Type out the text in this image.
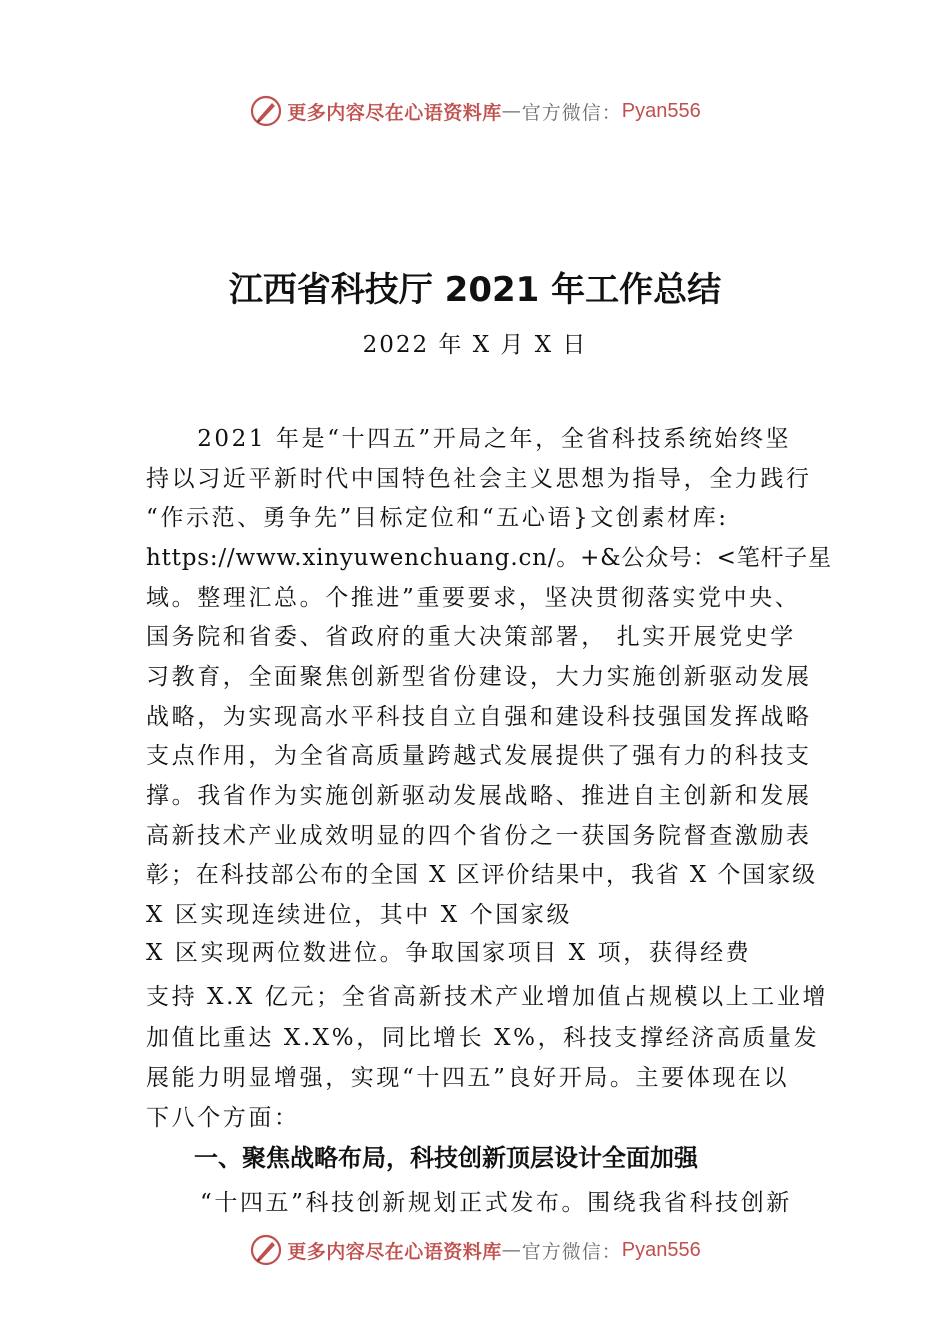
更多内容尽在心语资料库 — 官方微信： Pyan556
江西省科技厅 2021 年工作总结
2022 年 X 月 X 日
　　2021 年是“十四五”开局之年，全省科技系统始终坚
持以习近平新时代中国特色社会主义思想为指导，全力践行
“作示范、勇争先”目标定位和“五心语}文创素材库:
https://www.xinyuwenchuang.cn/。+&公众号：<笔杆子星
域。整理汇总。个推进”重要要求，坚决贯彻落实党中央、
国务院和省委、省政府的重大决策部署， 扎实开展党史学
习教育，全面聚焦创新型省份建设，大力实施创新驱动发展
战略，为实现高水平科技自立自强和建设科技强国发挥战略
支点作用，为全省高质量跨越式发展提供了强有力的科技支
撑。我省作为实施创新驱动发展战略、推进自主创新和发展
高新技术产业成效明显的四个省份之一获国务院督查激励表
彰；在科技部公布的全国 X 区评价结果中，我省 X 个国家级
X 区实现连续进位，其中 X 个国家级
X 区实现两位数进位。争取国家项目 X 项，获得经费
支持 X.X 亿元；全省高新技术产业增加值占规模以上工业增
加值比重达 X.X%，同比增长 X%，科技支撑经济高质量发
展能力明显增强，实现“十四五”良好开局。主要体现在以
下八个方面：
一、聚焦战略布局，科技创新顶层设计全面加强
“十四五”科技创新规划正式发布。围绕我省科技创新
更多内容尽在心语资料库 — 官方微信： Pyan556
